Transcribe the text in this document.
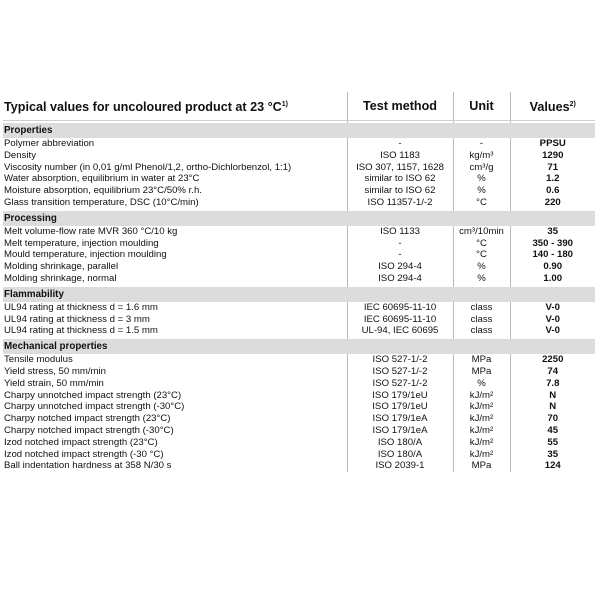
Typical values for uncoloured product at 23 $^\circ C^{1)}$	Test method	Unit	Values$^{2)}$

Properties			
Polymer abbreviation	-	-	PPSU
Density	ISO 1183	kg/m³	1290
Viscosity number (in 0,01 g/ml Phenol/1,2, ortho-Dichlorbenzol, 1:1)	ISO 307, 1157, 1628	cm³/g	71
Water absorption, equilibrium in water at 23°C	similar to ISO 62	%	1.2
Moisture absorption, equilibrium 23°C/50% r.h.	similar to ISO 62	%	0.6
Glass transition temperature, DSC (10°C/min)	ISO 11357-1/-2	°C	220

Processing			
Melt volume-flow rate MVR 360 °C/10 kg	ISO 1133	cm³/10min	35
Melt temperature, injection moulding	-	°C	350 - 390
Mould temperature, injection moulding	-	°C	140 - 180
Molding shrinkage, parallel	ISO 294-4	%	0.90
Molding shrinkage, normal	ISO 294-4	%	1.00

Flammability			
UL94 rating at thickness d = 1.6 mm	IEC 60695-11-10	class	V-0
UL94 rating at thickness d = 3 mm	IEC 60695-11-10	class	V-0
UL94 rating at thickness d = 1.5 mm	UL-94, IEC 60695	class	V-0

Mechanical properties			
Tensile modulus	ISO 527-1/-2	MPa	2250
Yield stress, 50 mm/min	ISO 527-1/-2	MPa	74
Yield strain, 50 mm/min	ISO 527-1/-2	%	7.8
Charpy unnotched impact strength (23°C)	ISO 179/1eU	kJ/m²	N
Charpy unnotched impact strength (-30°C)	ISO 179/1eU	kJ/m²	N
Charpy notched impact strength (23°C)	ISO 179/1eA	kJ/m²	70
Charpy notched impact strength (-30°C)	ISO 179/1eA	kJ/m²	45
Izod notched impact strength (23°C)	ISO 180/A	kJ/m²	55
Izod notched impact strength (-30 °C)	ISO 180/A	kJ/m²	35
Ball indentation hardness at 358 N/30 s	ISO 2039-1	MPa	124
